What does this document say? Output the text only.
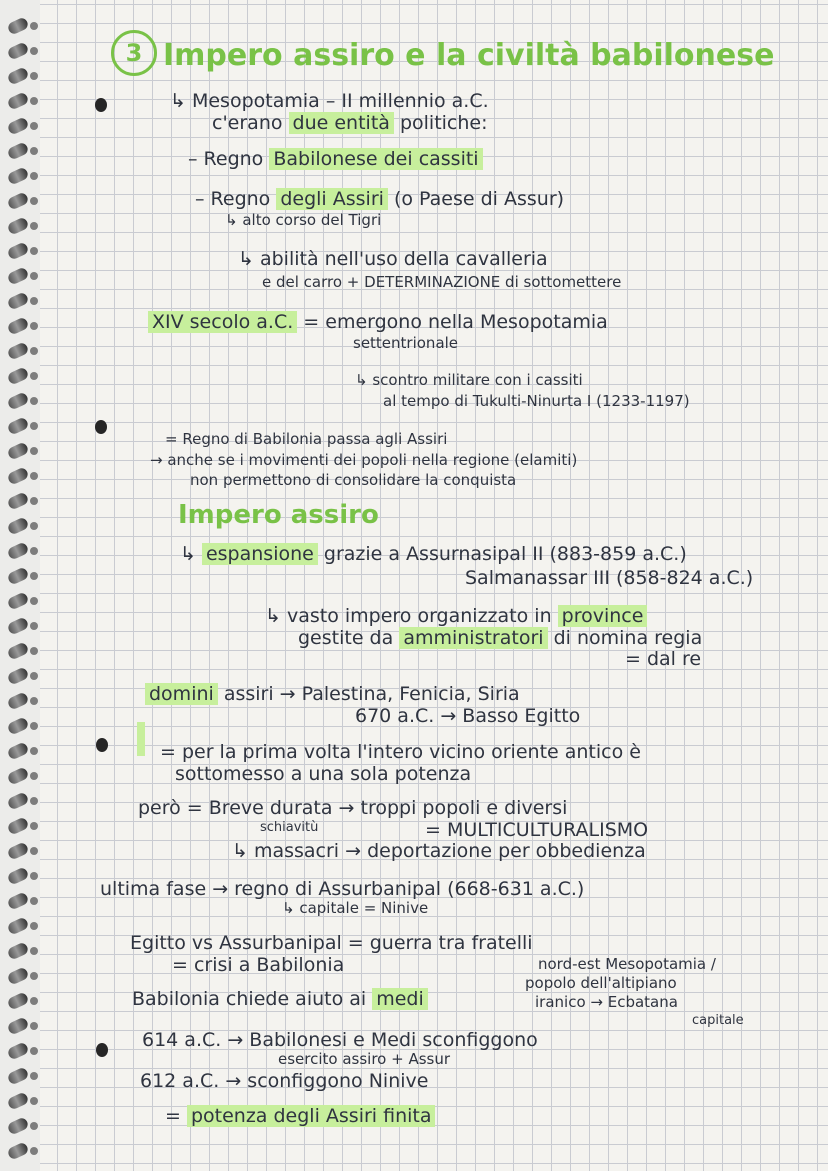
3 Impero assiro e la civiltà babilonese
↳ Mesopotamia – II millennio a.C.
c'erano due entità politiche:
– Regno Babilonese dei cassiti
– Regno degli Assiri (o Paese di Assur)
↳ alto corso del Tigri
↳ abilità nell'uso della cavalleria
e del carro + DETERMINAZIONE di sottomettere
XIV secolo a.C. = emergono nella Mesopotamia
settentrionale
↳ scontro militare con i cassiti
al tempo di Tukulti-Ninurta I (1233-1197)
= Regno di Babilonia passa agli Assiri
→ anche se i movimenti dei popoli nella regione (elamiti)
non permettono di consolidare la conquista
Impero assiro
↳ espansione grazie a Assurnasipal II (883-859 a.C.)
Salmanassar III (858-824 a.C.)
↳ vasto impero organizzato in province
gestite da amministratori di nomina regia
= dal re
domini assiri → Palestina, Fenicia, Siria
670 a.C. → Basso Egitto
= per la prima volta l'intero vicino oriente antico è
sottomesso a una sola potenza
però = Breve durata → troppi popoli e diversi
schiavitù	= MULTICULTURALISMO
↳ massacri → deportazione per obbedienza
ultima fase → regno di Assurbanipal (668-631 a.C.)
↳ capitale = Ninive
Egitto vs Assurbanipal = guerra tra fratelli
= crisi a Babilonia	nord-est Mesopotamia /
popolo dell'altipiano
iranico → Ecbatana
capitale
Babilonia chiede aiuto ai medi
614 a.C. → Babilonesi e Medi sconfiggono
esercito assiro + Assur
612 a.C. → sconfiggono Ninive
= potenza degli Assiri finita
